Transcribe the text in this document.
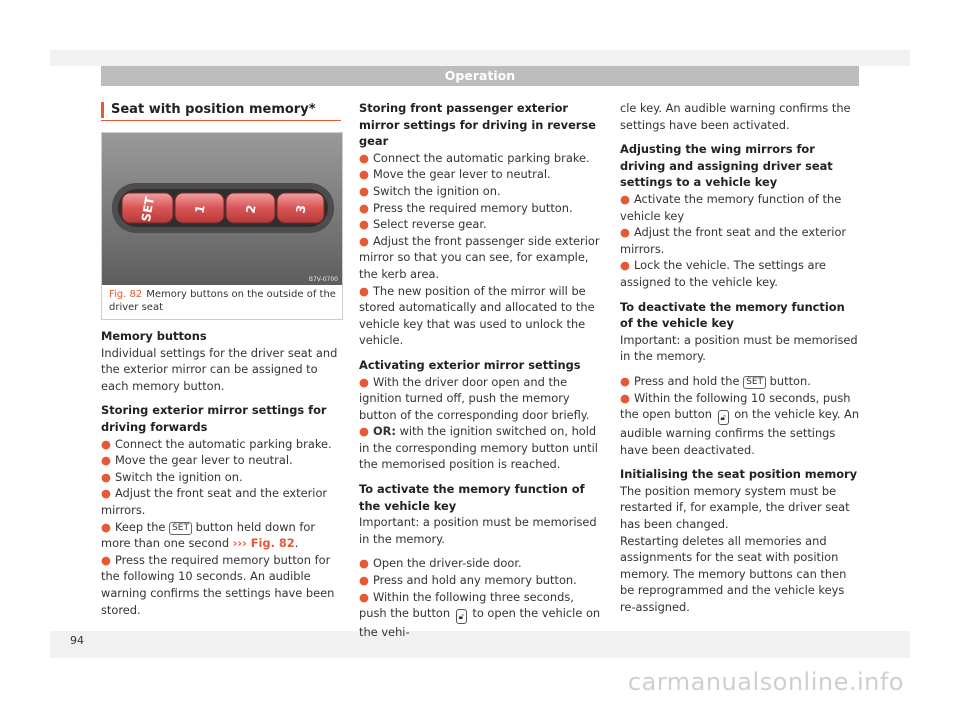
Operation
Seat with position memory*
SET	1	2	3
B7V-0700
Fig. 82 Memory buttons on the outside of the driver seat

Memory buttons

Individual settings for the driver seat and the exterior mirror can be assigned to each memory button.

Storing exterior mirror settings for driving forwards

● Connect the automatic parking brake.

● Move the gear lever to neutral.

● Switch the ignition on.

● Adjust the front seat and the exterior mirrors.

● Keep the SET button held down for more than one second ››› Fig. 82.

● Press the required memory button for the following 10 seconds. An audible warning confirms the settings have been stored.

Storing front passenger exterior mirror settings for driving in reverse gear

● Connect the automatic parking brake.

● Move the gear lever to neutral.

● Switch the ignition on.

● Press the required memory button.

● Select reverse gear.

● Adjust the front passenger side exterior mirror so that you can see, for example, the kerb area.

● The new position of the mirror will be stored automatically and allocated to the vehicle key that was used to unlock the vehicle.

Activating exterior mirror settings

● With the driver door open and the ignition turned off, push the memory button of the corresponding door briefly.

● OR: with the ignition switched on, hold in the corresponding memory button until the memorised position is reached.

To activate the memory function of the vehicle key

Important: a position must be memorised in the memory.

● Open the driver-side door.

● Press and hold any memory button.

● Within the following three seconds, push the button 🔓︎ to open the vehicle on the vehi-

cle key. An audible warning confirms the settings have been activated.

Adjusting the wing mirrors for driving and assigning driver seat settings to a vehicle key

● Activate the memory function of the vehicle key

● Adjust the front seat and the exterior mirrors.

● Lock the vehicle. The settings are assigned to the vehicle key.

To deactivate the memory function of the vehicle key

Important: a position must be memorised in the memory.

● Press and hold the SET button.

● Within the following 10 seconds, push the open button 🔓︎ on the vehicle key. An audible warning confirms the settings have been deactivated.

Initialising the seat position memory

The position memory system must be restarted if, for example, the driver seat has been changed.

Restarting deletes all memories and assignments for the seat with position memory. The memory buttons can then be reprogrammed and the vehicle keys re-assigned.

94
carmanualsonline.info
